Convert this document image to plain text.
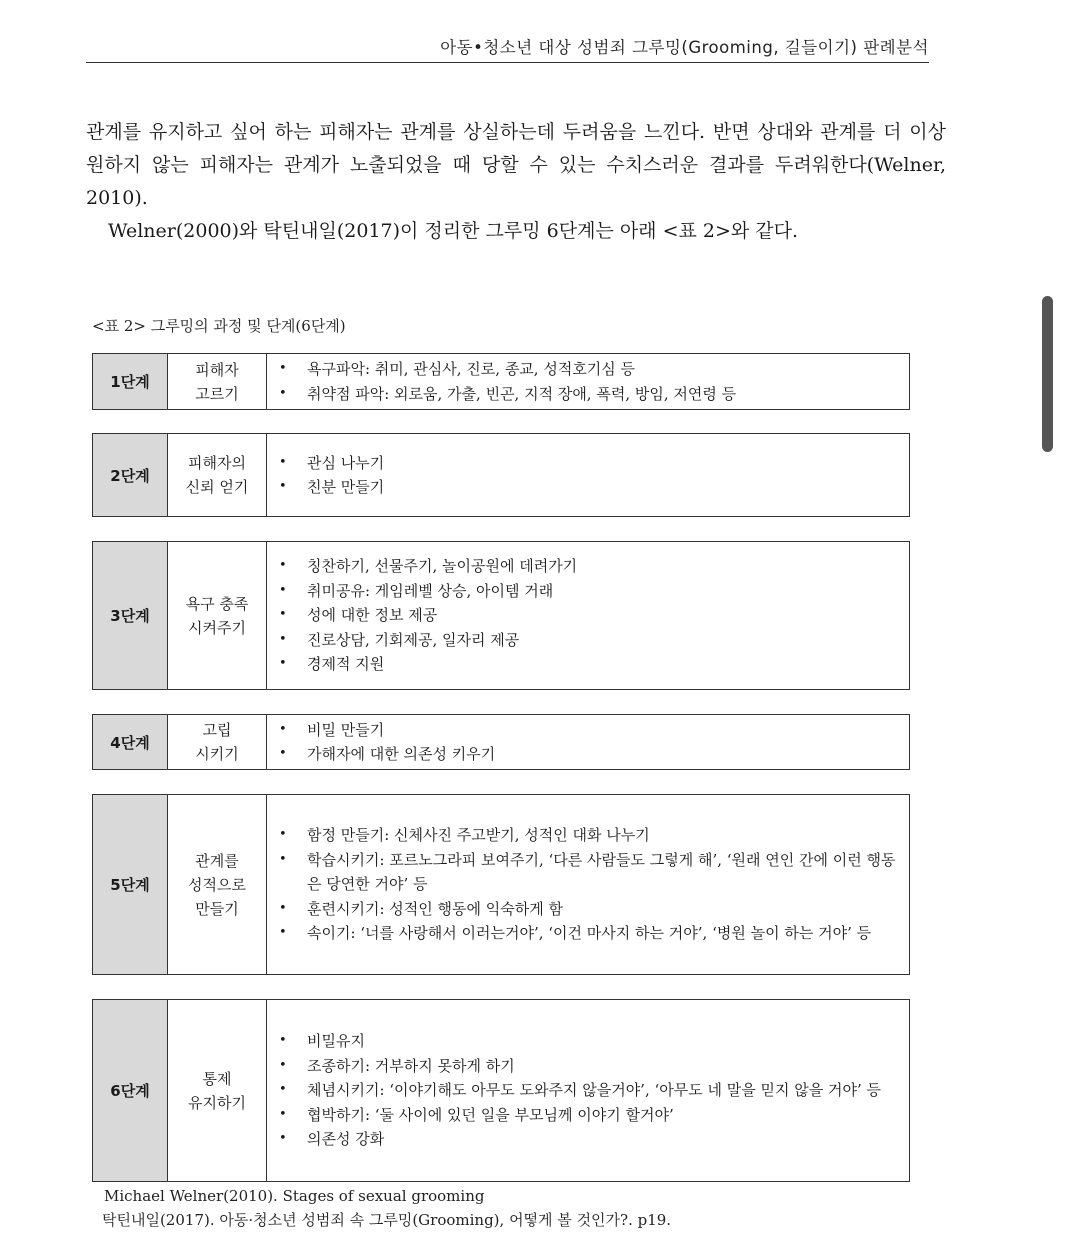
아동•청소년 대상 성범죄 그루밍(Grooming, 길들이기) 판례분석

관계를 유지하고 싶어 하는 피해자는 관계를 상실하는데 두려움을 느낀다. 반면 상대와 관계를 더 이상 원하지 않는 피해자는 관계가 노출되었을 때 당할 수 있는 수치스러운 결과를 두려워한다(Welner, 2010).

Welner(2000)와 탁틴내일(2017)이 정리한 그루밍 6단계는 아래 <표 2>와 같다.

<표 2> 그루밍의 과정 및 단계(6단계)
1단계
피해자
고르기
• 욕구파악: 취미, 관심사, 진로, 종교, 성적호기심 등
• 취약점 파악: 외로움, 가출, 빈곤, 지적 장애, 폭력, 방임, 저연령 등
2단계
피해자의
신뢰 얻기
• 관심 나누기
• 친분 만들기
3단계
욕구 충족
시켜주기
• 칭찬하기, 선물주기, 놀이공원에 데려가기
• 취미공유: 게임레벨 상승, 아이템 거래
• 성에 대한 정보 제공
• 진로상담, 기회제공, 일자리 제공
• 경제적 지원
4단계
고립
시키기
• 비밀 만들기
• 가해자에 대한 의존성 키우기
5단계
관계를
성적으로
만들기
• 함정 만들기: 신체사진 주고받기, 성적인 대화 나누기
• 학습시키기: 포르노그라피 보여주기, ‘다른 사람들도 그렇게 해’, ‘원래 연인 간에 이런 행동은 당연한 거야’ 등
• 훈련시키기: 성적인 행동에 익숙하게 함
• 속이기: ‘너를 사랑해서 이러는거야’, ‘이건 마사지 하는 거야’, ‘병원 놀이 하는 거야’ 등
6단계
통제
유지하기
• 비밀유지
• 조종하기: 거부하지 못하게 하기
• 체념시키기: ‘이야기해도 아무도 도와주지 않을거야’, ‘아무도 네 말을 믿지 않을 거야’ 등
• 협박하기: ‘둘 사이에 있던 일을 부모님께 이야기 할거야’
• 의존성 강화

Michael Welner(2010). Stages of sexual grooming

탁틴내일(2017). 아동·청소년 성범죄 속 그루밍(Grooming), 어떻게 볼 것인가?. p19.
